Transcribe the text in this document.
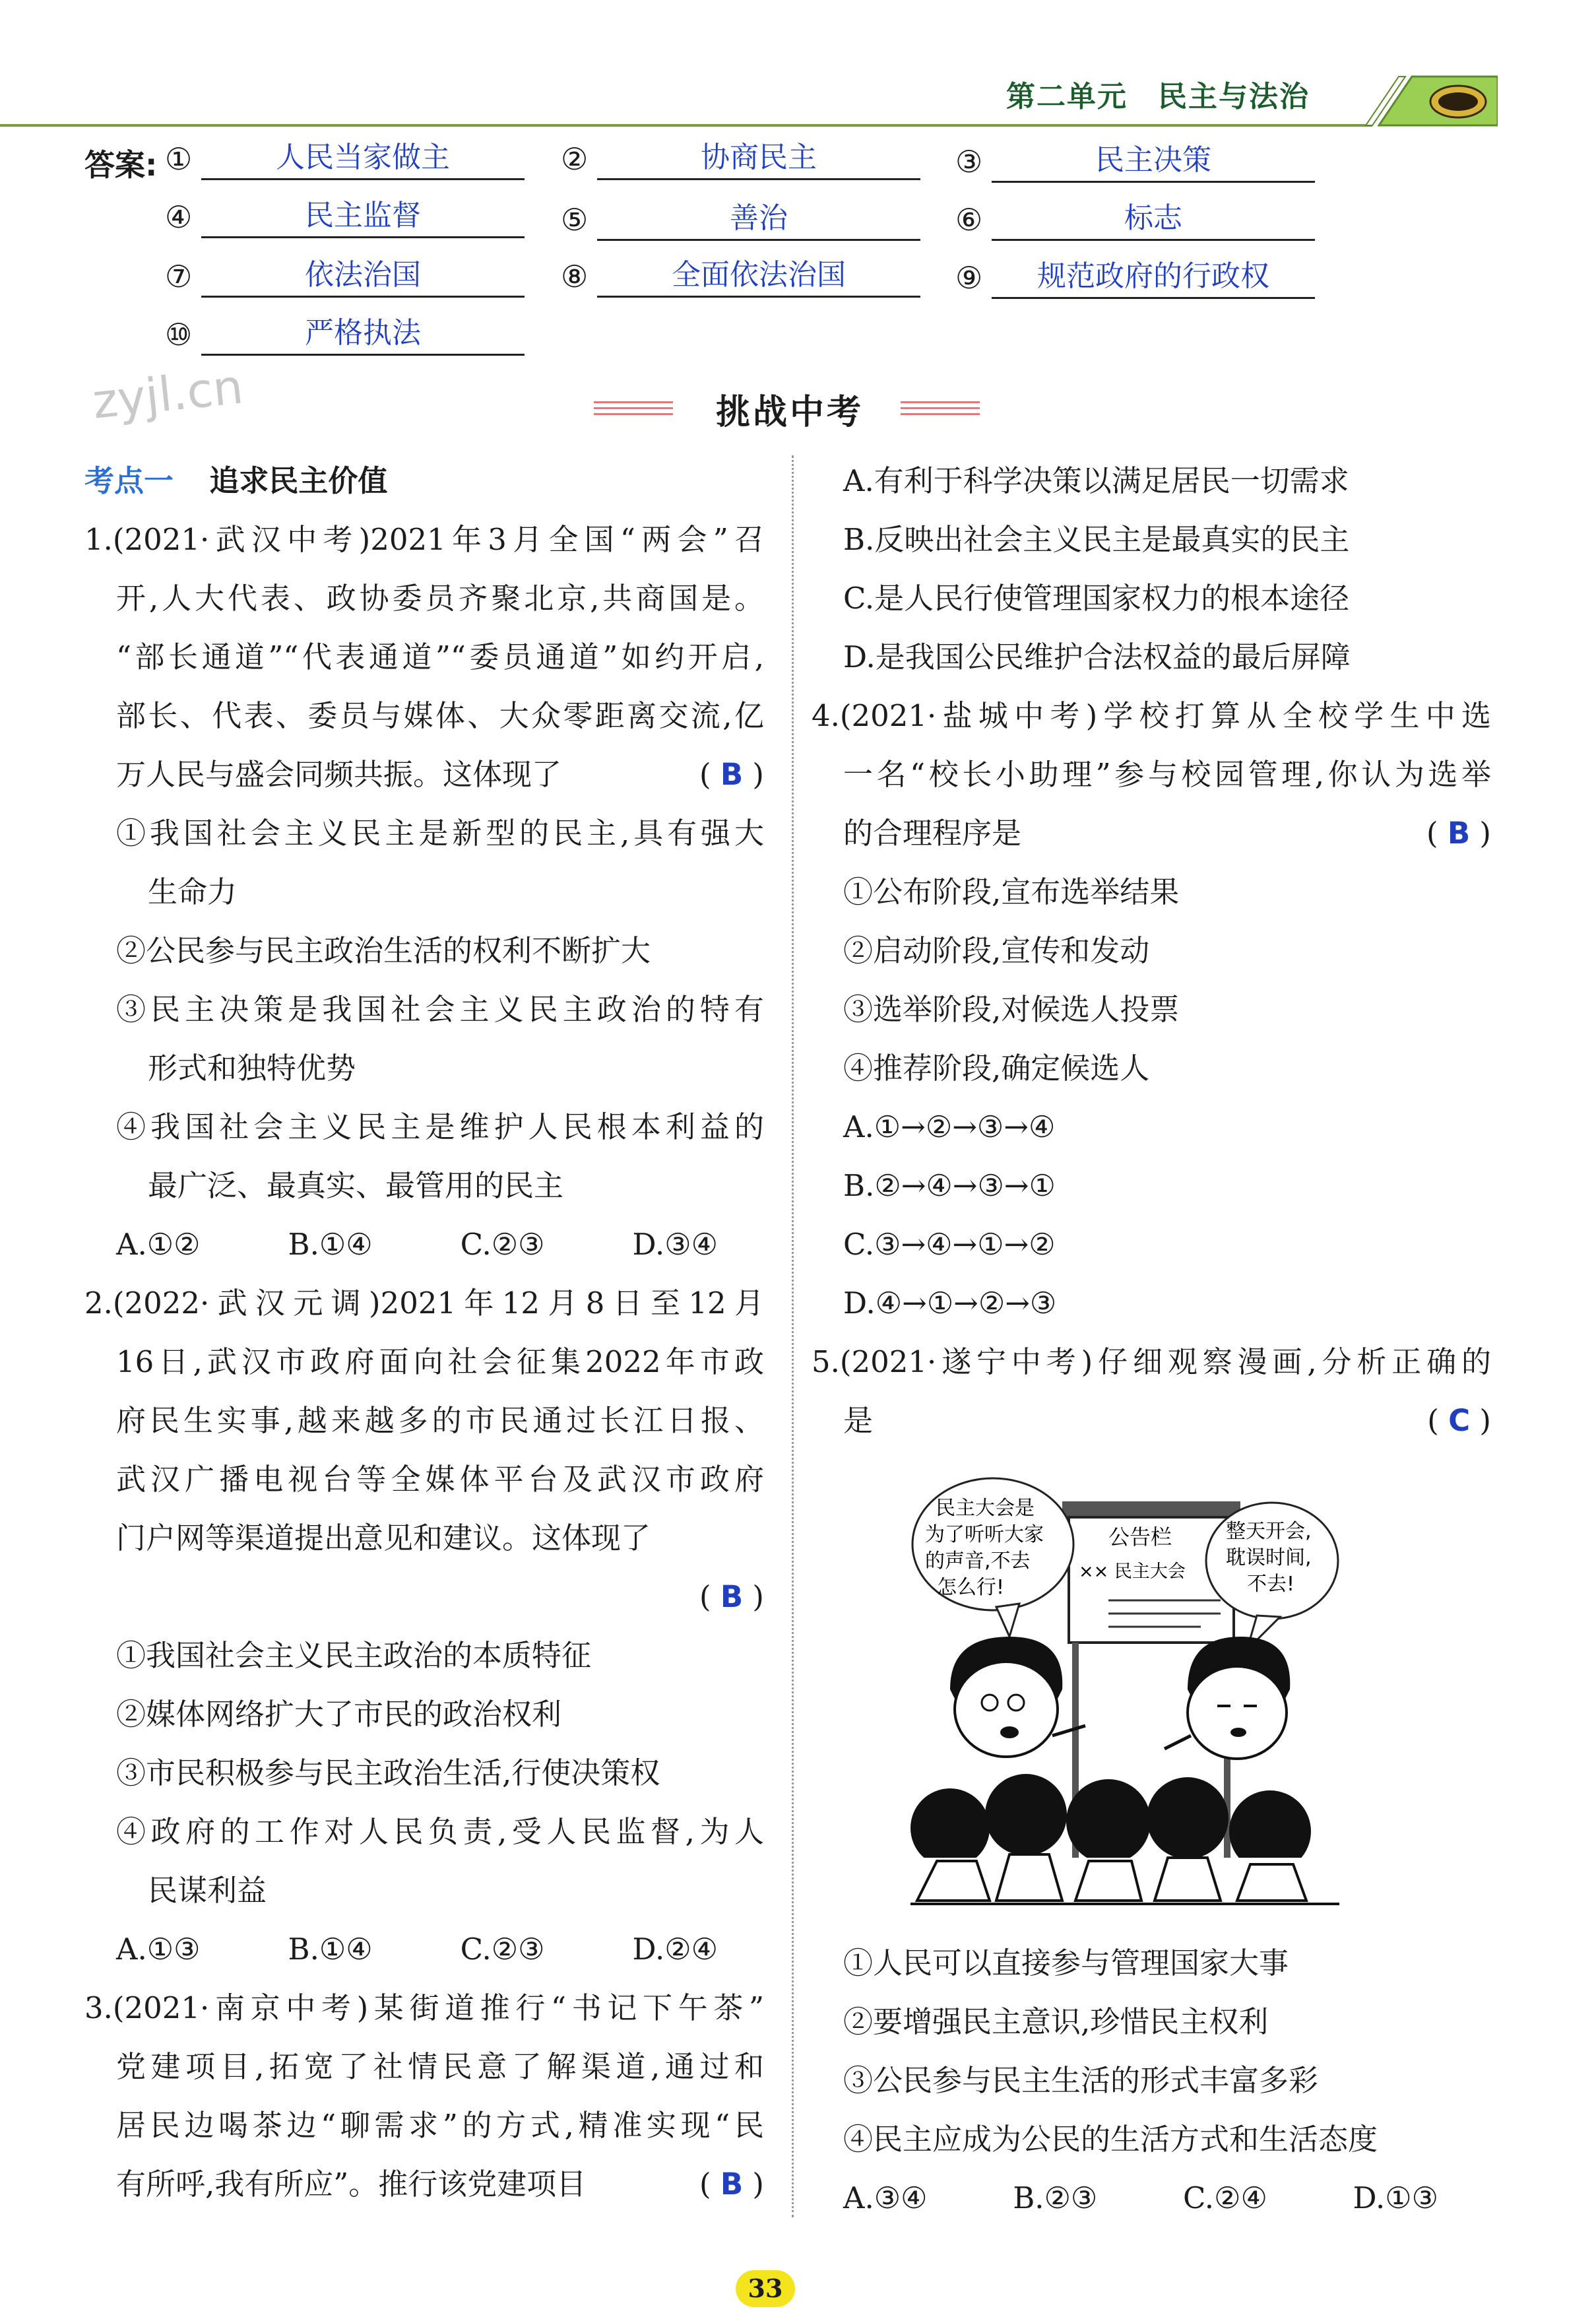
第二单元　民主与法治
答案: ①	人民当家做主	②	协商民主	③	民主决策
④	民主监督	⑤	善治	⑥	标志
⑦	依法治国	⑧	全面依法治国	⑨	规范政府的行政权
⑩	严格执法
zyjl.cn	挑战中考
考点一 追求民主价值
1.(2021·武汉中考)2021年3月全国“两会”召
开,人大代表、政协委员齐聚北京,共商国是。
“部长通道”“代表通道”“委员通道”如约开启,
部长、代表、委员与媒体、大众零距离交流,亿
万人民与盛会同频共振。这体现了	( B )
①我国社会主义民主是新型的民主,具有强大
生命力
②公民参与民主政治生活的权利不断扩大
③民主决策是我国社会主义民主政治的特有
形式和独特优势
④我国社会主义民主是维护人民根本利益的
最广泛、最真实、最管用的民主
A.①②	B.①④	C.②③	D.③④
2.(2022·武汉元调)2021年12月8日至12月
16日,武汉市政府面向社会征集2022年市政
府民生实事,越来越多的市民通过长江日报、
武汉广播电视台等全媒体平台及武汉市政府
门户网等渠道提出意见和建议。这体现了
( B )
①我国社会主义民主政治的本质特征
②媒体网络扩大了市民的政治权利
③市民积极参与民主政治生活,行使决策权
④政府的工作对人民负责,受人民监督,为人
民谋利益
A.①③	B.①④	C.②③	D.②④
3.(2021·南京中考)某街道推行“书记下午茶”
党建项目,拓宽了社情民意了解渠道,通过和
居民边喝茶边“聊需求”的方式,精准实现“民
有所呼,我有所应”。推行该党建项目	( B )
A.有利于科学决策以满足居民一切需求
B.反映出社会主义民主是最真实的民主
C.是人民行使管理国家权力的根本途径
D.是我国公民维护合法权益的最后屏障
4.(2021·盐城中考)学校打算从全校学生中选
一名“校长小助理”参与校园管理,你认为选举
的合理程序是	( B )
①公布阶段,宣布选举结果
②启动阶段,宣传和发动
③选举阶段,对候选人投票
④推荐阶段,确定候选人
A.①→②→③→④
B.②→④→③→①
C.③→④→①→②
D.④→①→②→③
5.(2021·遂宁中考)仔细观察漫画,分析正确的
是	( C )
公告栏
×× 民主大会
民主大会是
为了听听大家
的声音,不去
怎么行!
整天开会,
耽误时间,
不去!
①人民可以直接参与管理国家大事
②要增强民主意识,珍惜民主权利
③公民参与民主生活的形式丰富多彩
④民主应成为公民的生活方式和生活态度
A.③④	B.②③	C.②④	D.①③
33
